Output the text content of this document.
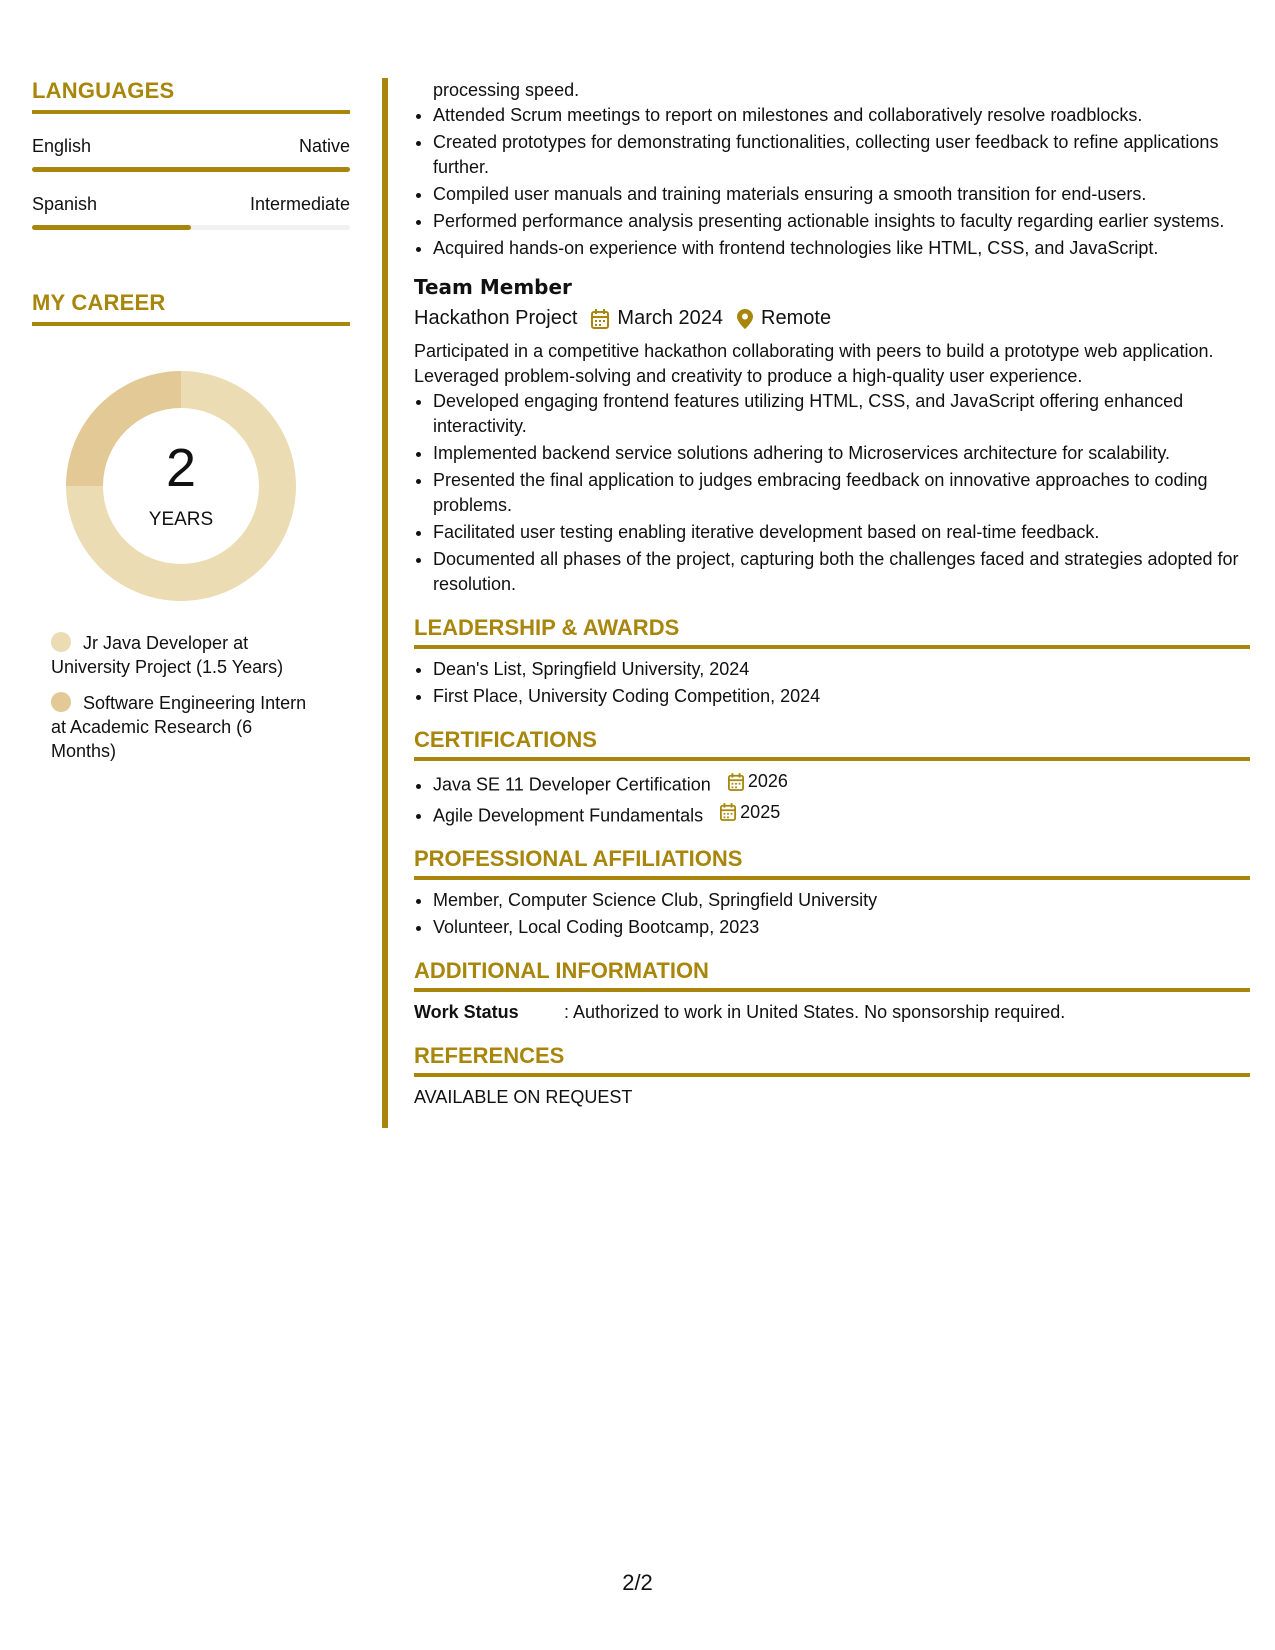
LANGUAGES
English	Native
Spanish	Intermediate
MY CAREER
2
YEARS
Jr Java Developer at University Project (1.5 Years)
Software Engineering Intern at Academic Research (6 Months)
processing speed.
• Attended Scrum meetings to report on milestones and collaboratively resolve roadblocks.
• Created prototypes for demonstrating functionalities, collecting user feedback to refine applications further.
• Compiled user manuals and training materials ensuring a smooth transition for end-users.
• Performed performance analysis presenting actionable insights to faculty regarding earlier systems.
• Acquired hands-on experience with frontend technologies like HTML, CSS, and JavaScript.
Team Member
Hackathon Project March 2024 Remote
Participated in a competitive hackathon collaborating with peers to build a prototype web application. Leveraged problem-solving and creativity to produce a high-quality user experience.
• Developed engaging frontend features utilizing HTML, CSS, and JavaScript offering enhanced interactivity.
• Implemented backend service solutions adhering to Microservices architecture for scalability.
• Presented the final application to judges embracing feedback on innovative approaches to coding problems.
• Facilitated user testing enabling iterative development based on real-time feedback.
• Documented all phases of the project, capturing both the challenges faced and strategies adopted for resolution.
LEADERSHIP & AWARDS
• Dean's List, Springfield University, 2024
• First Place, University Coding Competition, 2024
CERTIFICATIONS
• Java SE 11 Developer Certification 2026
• Agile Development Fundamentals 2025
PROFESSIONAL AFFILIATIONS
• Member, Computer Science Club, Springfield University
• Volunteer, Local Coding Bootcamp, 2023
ADDITIONAL INFORMATION
Work Status	: Authorized to work in United States. No sponsorship required.
REFERENCES
AVAILABLE ON REQUEST
2/2
